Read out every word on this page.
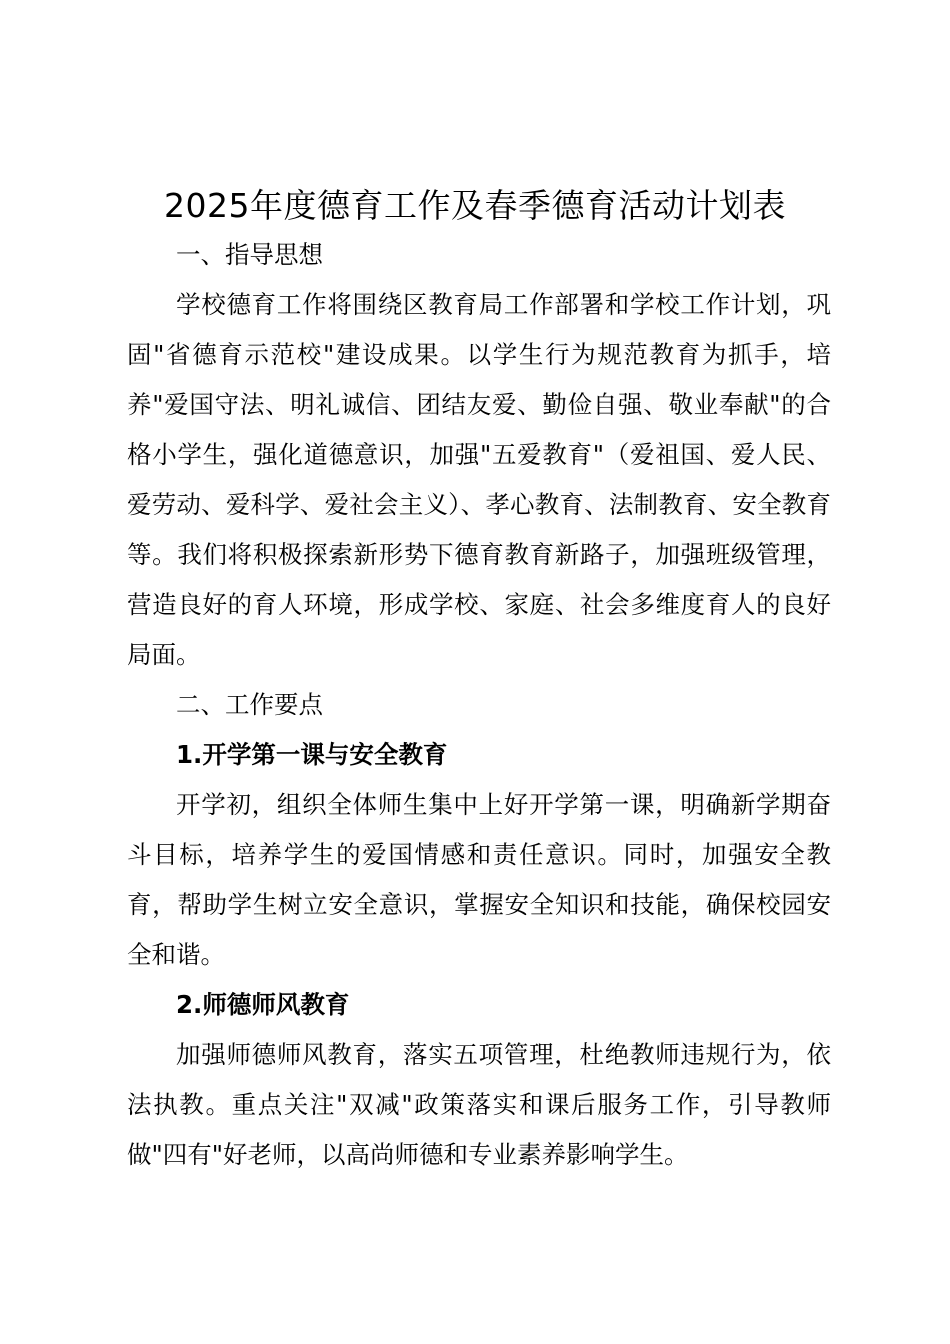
2025年度德育工作及春季德育活动计划表

一、指导思想

学校德育工作将围绕区教育局工作部署和学校工作计划，巩固"省德育示范校"建设成果。以学生行为规范教育为抓手，培养"爱国守法、明礼诚信、团结友爱、勤俭自强、敬业奉献"的合格小学生，强化道德意识，加强"五爱教育"（爱祖国、爱人民、爱劳动、爱科学、爱社会主义）、孝心教育、法制教育、安全教育等。我们将积极探索新形势下德育教育新路子，加强班级管理，营造良好的育人环境，形成学校、家庭、社会多维度育人的良好局面。

二、工作要点

1.开学第一课与安全教育

开学初，组织全体师生集中上好开学第一课，明确新学期奋斗目标，培养学生的爱国情感和责任意识。同时，加强安全教育，帮助学生树立安全意识，掌握安全知识和技能，确保校园安全和谐。

2.师德师风教育

加强师德师风教育，落实五项管理，杜绝教师违规行为，依法执教。重点关注"双减"政策落实和课后服务工作，引导教师做"四有"好老师，以高尚师德和专业素养影响学生。
